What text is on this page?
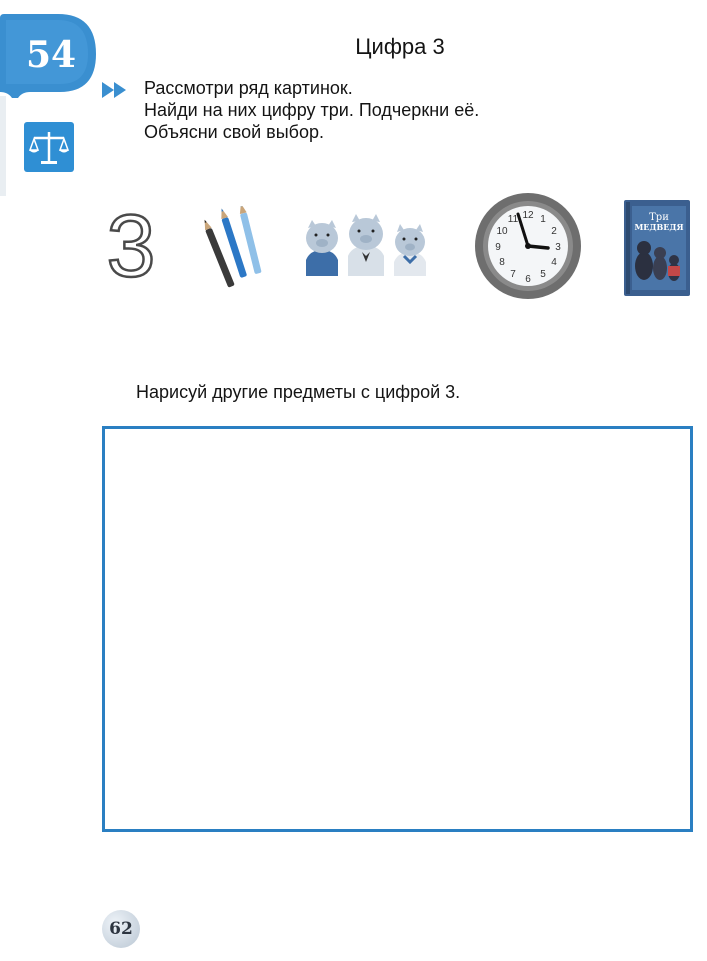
54	Цифра 3
Рассмотри ряд картинок.
Найди на них цифру три. Подчеркни её.
Объясни свой выбор.
3	12 1
2
3
4
5
6
7
8
9
10
11	Три
МЕДВЕДЯ
Нарисуй другие предметы с цифрой 3.
62
